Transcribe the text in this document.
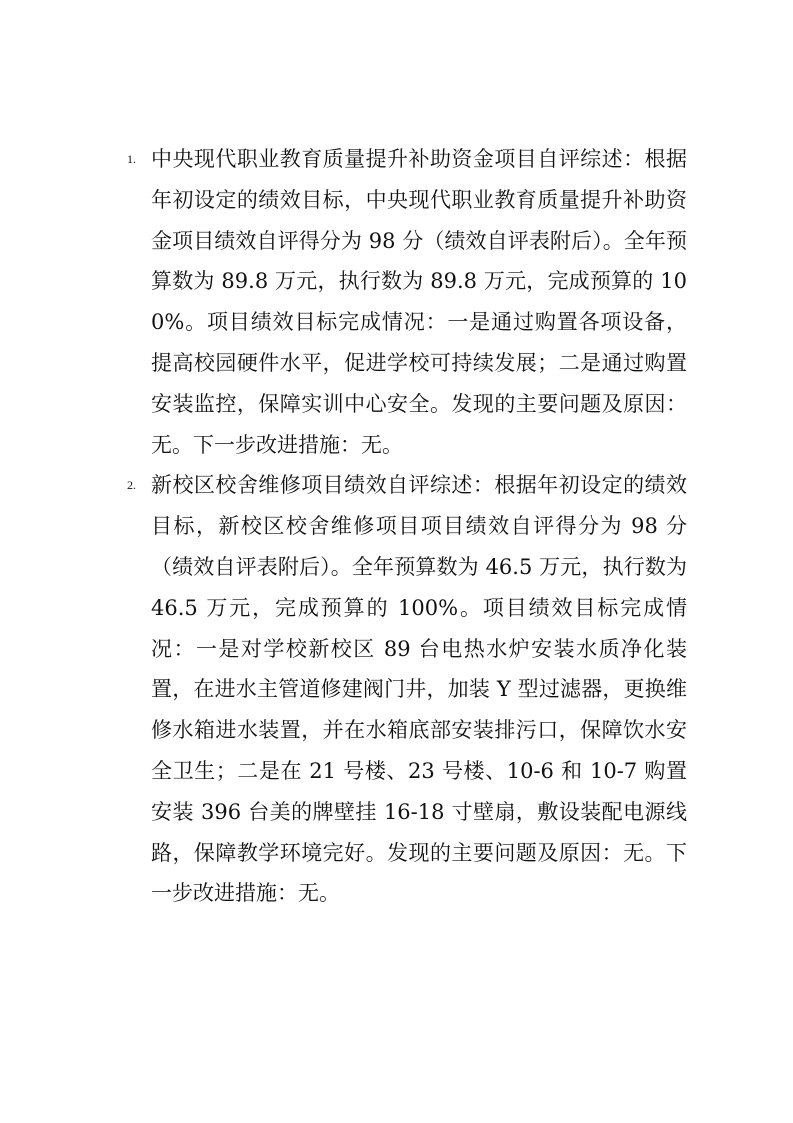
1. 中央现代职业教育质量提升补助资金项目自评综述：根据年初设定的绩效目标，中央现代职业教育质量提升补助资金项目绩效自评得分为 98 分（绩效自评表附后）。全年预算数为 89.8 万元，执行数为 89.8 万元，完成预算的 100%。项目绩效目标完成情况：一是通过购置各项设备，提高校园硬件水平，促进学校可持续发展；二是通过购置安装监控，保障实训中心安全。发现的主要问题及原因：无。下一步改进措施：无。
2. 新校区校舍维修项目绩效自评综述：根据年初设定的绩效目标，新校区校舍维修项目项目绩效自评得分为 98 分（绩效自评表附后）。全年预算数为 46.5 万元，执行数为 46.5 万元，完成预算的 100%。项目绩效目标完成情况：一是对学校新校区 89 台电热水炉安装水质净化装置，在进水主管道修建阀门井，加装 Y 型过滤器，更换维修水箱进水装置，并在水箱底部安装排污口，保障饮水安全卫生；二是在 21 号楼、23 号楼、10-6 和 10-7 购置安装 396 台美的牌壁挂 16-18 寸壁扇，敷设装配电源线路，保障教学环境完好。发现的主要问题及原因：无。下一步改进措施：无。
